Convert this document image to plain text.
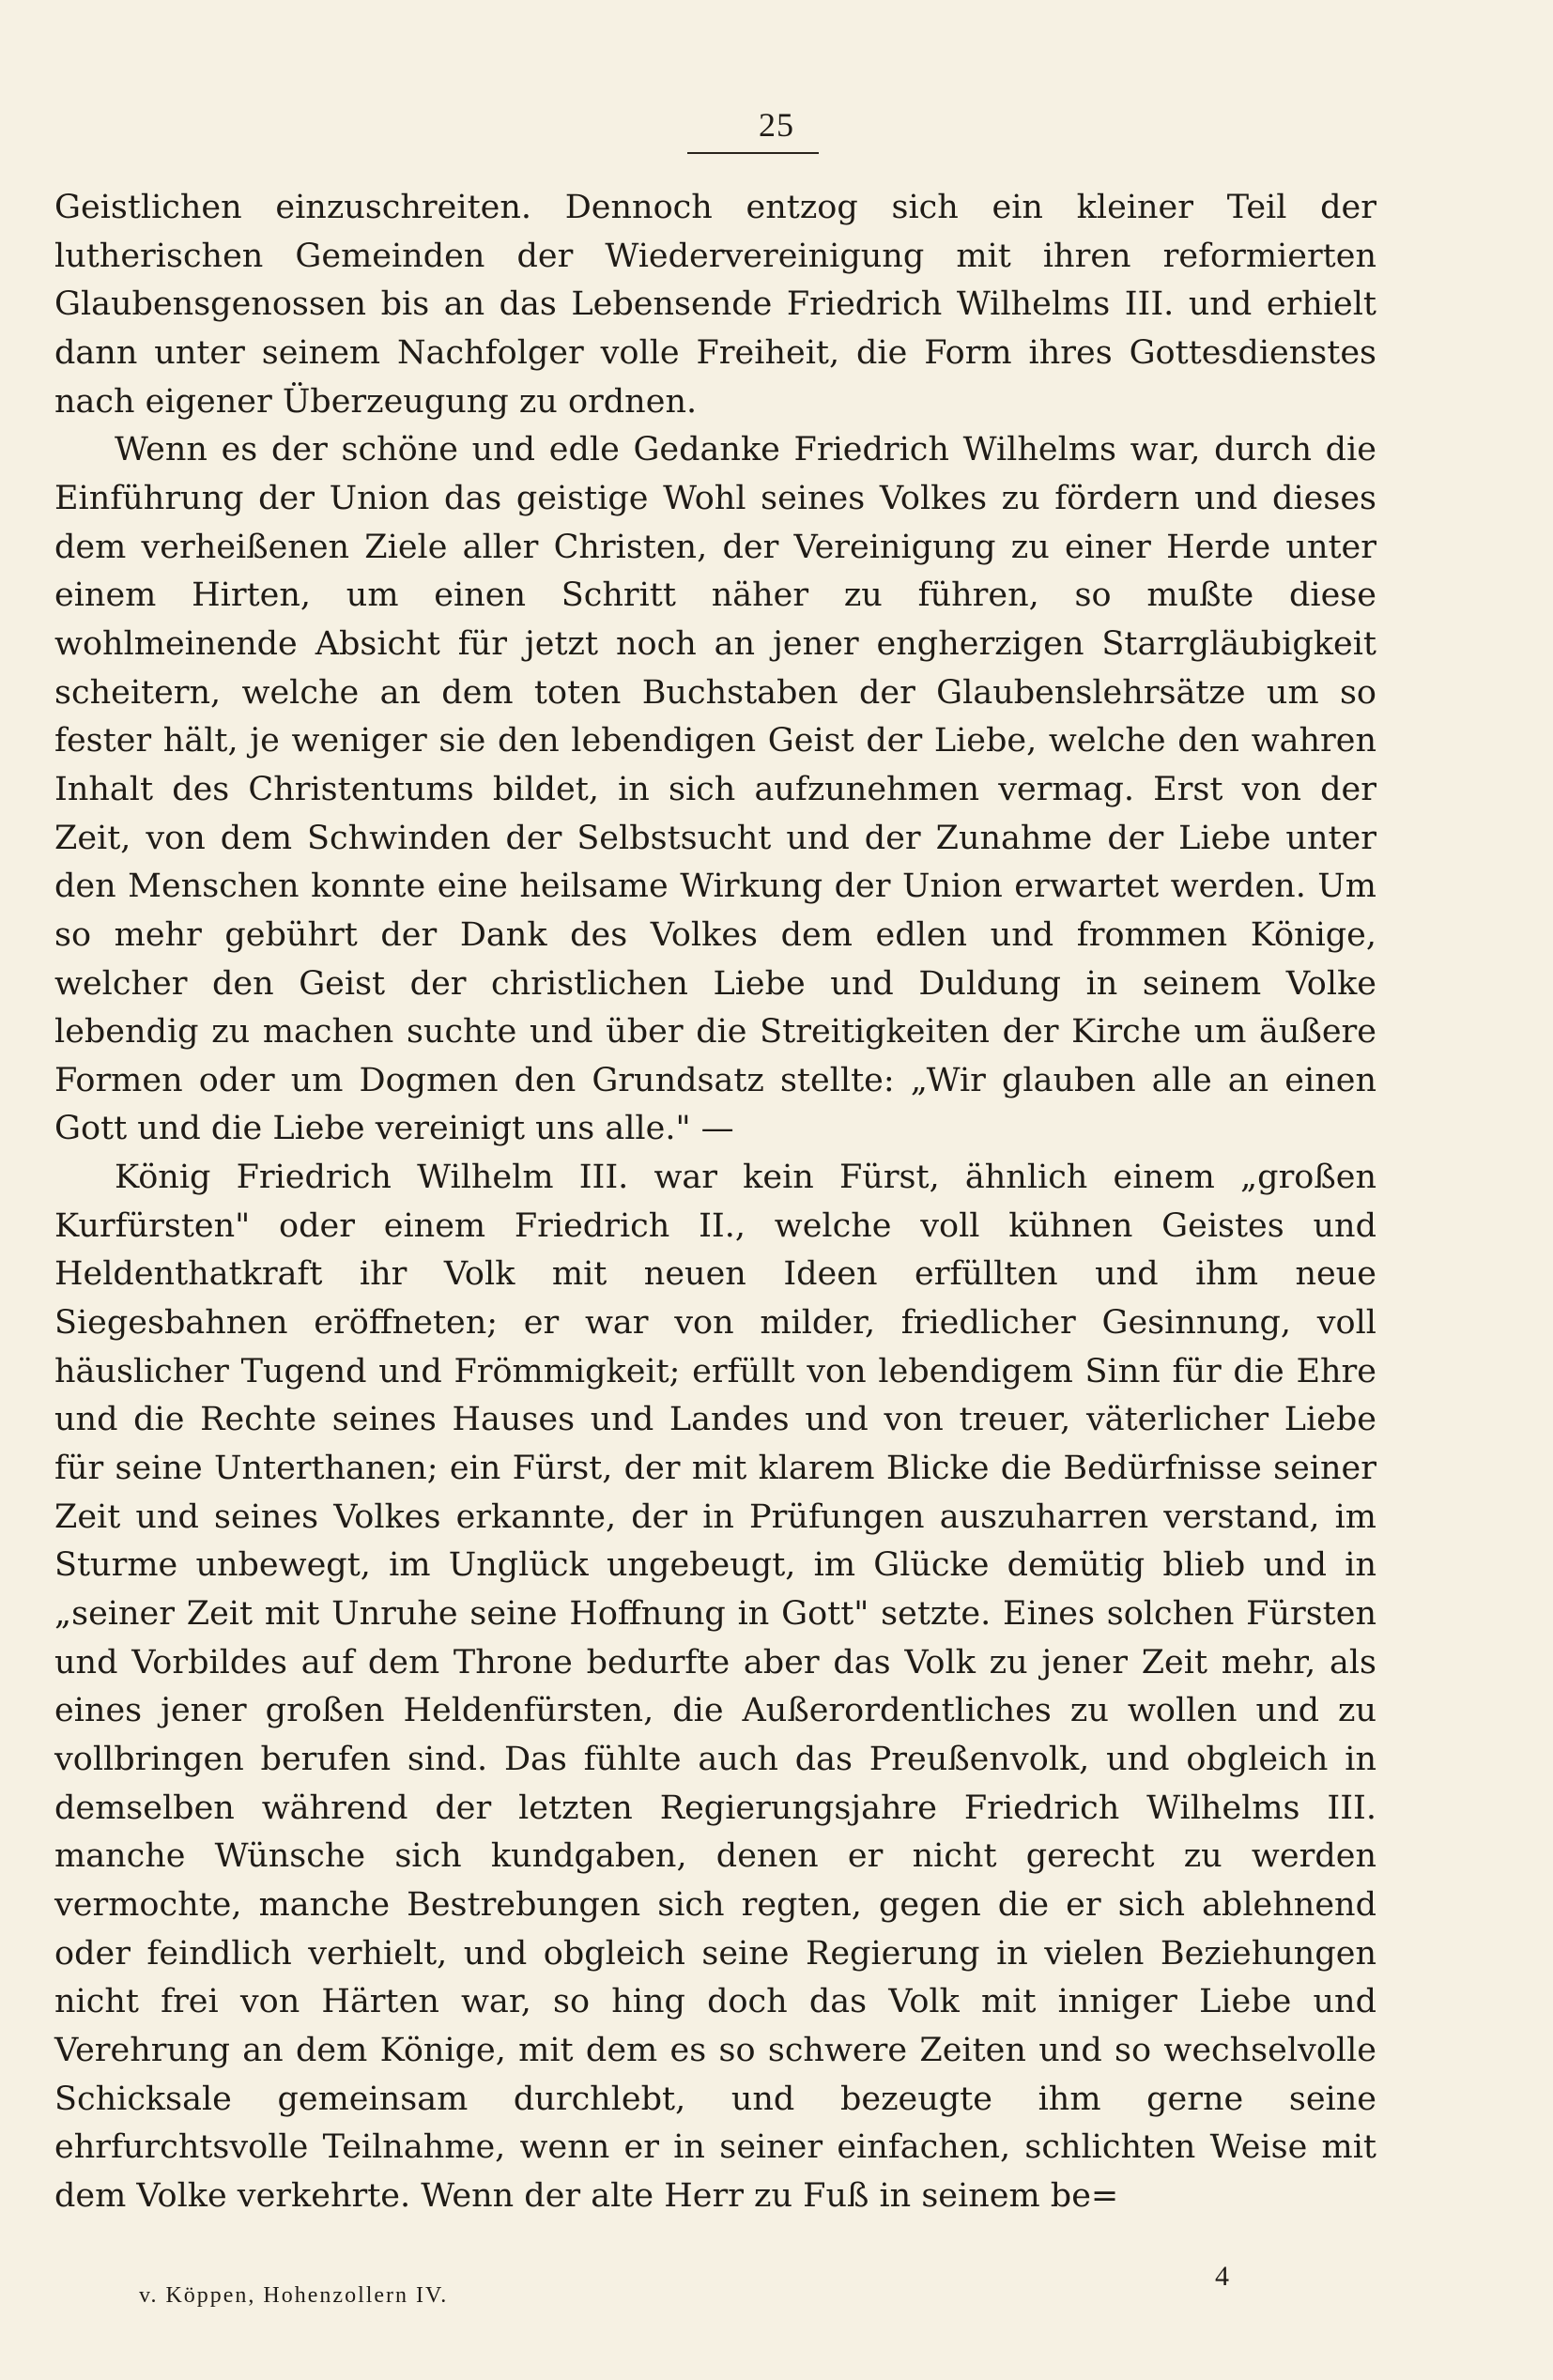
25

Geistlichen einzuschreiten. Dennoch entzog sich ein kleiner Teil der lutherischen Gemeinden der Wiedervereinigung mit ihren reformierten Glaubensgenossen bis an das Lebensende Friedrich Wilhelms III. und erhielt dann unter seinem Nachfolger volle Freiheit, die Form ihres Gottesdienstes nach eigener Überzeugung zu ordnen.

Wenn es der schöne und edle Gedanke Friedrich Wilhelms war, durch die Einführung der Union das geistige Wohl seines Volkes zu fördern und dieses dem verheißenen Ziele aller Christen, der Vereinigung zu einer Herde unter einem Hirten, um einen Schritt näher zu führen, so mußte diese wohlmeinende Absicht für jetzt noch an jener engherzigen Starrgläubigkeit scheitern, welche an dem toten Buchstaben der Glaubenslehrsätze um so fester hält, je weniger sie den lebendigen Geist der Liebe, welche den wahren Inhalt des Christentums bildet, in sich aufzunehmen vermag. Erst von der Zeit, von dem Schwinden der Selbstsucht und der Zunahme der Liebe unter den Menschen konnte eine heilsame Wirkung der Union erwartet werden. Um so mehr gebührt der Dank des Volkes dem edlen und frommen Könige, welcher den Geist der christlichen Liebe und Duldung in seinem Volke lebendig zu machen suchte und über die Streitigkeiten der Kirche um äußere Formen oder um Dogmen den Grundsatz stellte: „Wir glauben alle an einen Gott und die Liebe vereinigt uns alle." —

König Friedrich Wilhelm III. war kein Fürst, ähnlich einem „großen Kurfürsten" oder einem Friedrich II., welche voll kühnen Geistes und Heldenthatkraft ihr Volk mit neuen Ideen erfüllten und ihm neue Siegesbahnen eröffneten; er war von milder, friedlicher Gesinnung, voll häuslicher Tugend und Frömmigkeit; erfüllt von lebendigem Sinn für die Ehre und die Rechte seines Hauses und Landes und von treuer, väterlicher Liebe für seine Unterthanen; ein Fürst, der mit klarem Blicke die Bedürfnisse seiner Zeit und seines Volkes erkannte, der in Prüfungen auszuharren verstand, im Sturme unbewegt, im Unglück ungebeugt, im Glücke demütig blieb und in „seiner Zeit mit Unruhe seine Hoffnung in Gott" setzte. Eines solchen Fürsten und Vorbildes auf dem Throne bedurfte aber das Volk zu jener Zeit mehr, als eines jener großen Heldenfürsten, die Außerordentliches zu wollen und zu vollbringen berufen sind. Das fühlte auch das Preußenvolk, und obgleich in demselben während der letzten Regierungsjahre Friedrich Wilhelms III. manche Wünsche sich kundgaben, denen er nicht gerecht zu werden vermochte, manche Bestrebungen sich regten, gegen die er sich ablehnend oder feindlich verhielt, und obgleich seine Regierung in vielen Beziehungen nicht frei von Härten war, so hing doch das Volk mit inniger Liebe und Verehrung an dem Könige, mit dem es so schwere Zeiten und so wechselvolle Schicksale gemeinsam durchlebt, und bezeugte ihm gerne seine ehrfurchtsvolle Teilnahme, wenn er in seiner einfachen, schlichten Weise mit dem Volke verkehrte. Wenn der alte Herr zu Fuß in seinem be=

v. Köppen, Hohenzollern IV.
4
